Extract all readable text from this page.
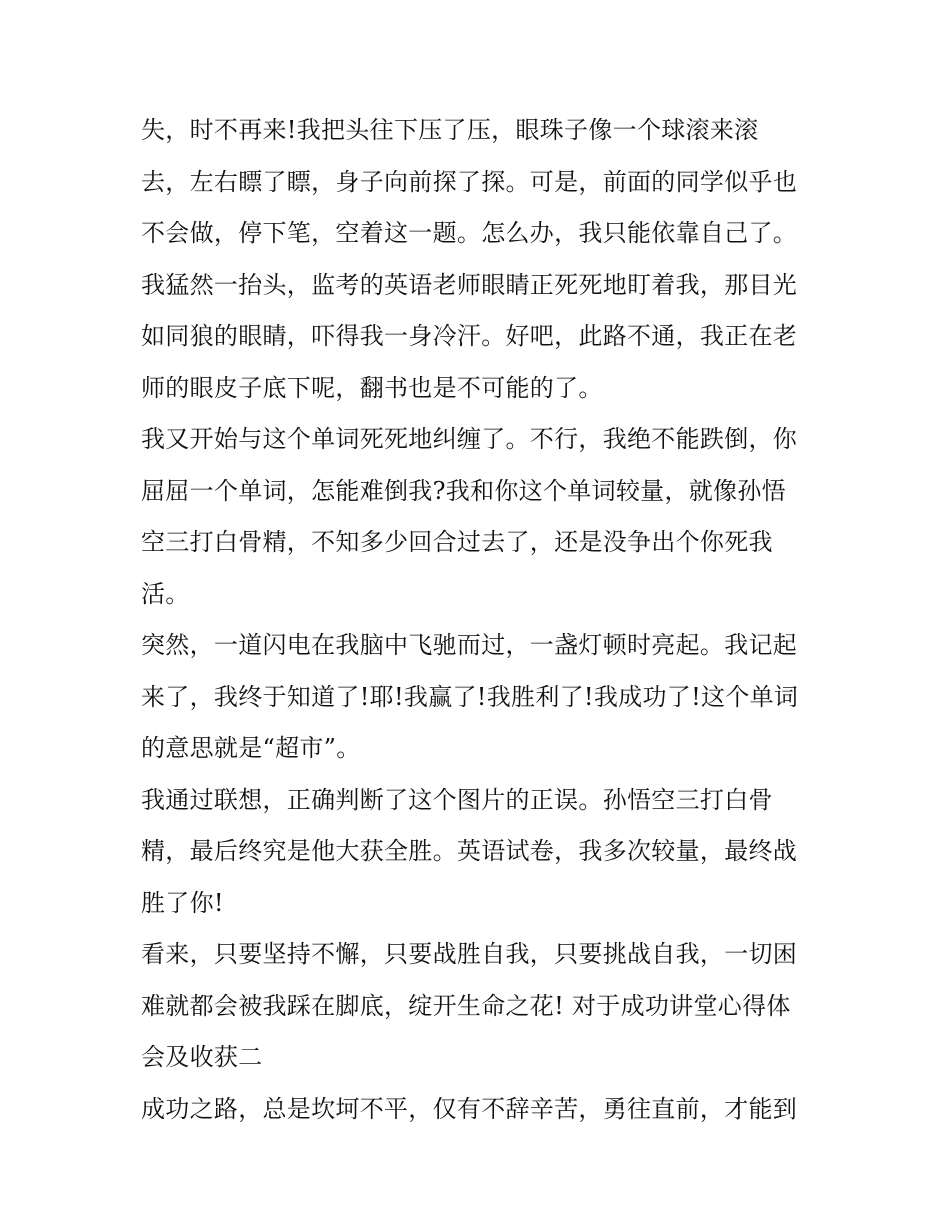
失，时不再来!我把头往下压了压，眼珠子像一个球滚来滚
去，左右瞟了瞟，身子向前探了探。可是，前面的同学似乎也
不会做，停下笔，空着这一题。怎么办，我只能依靠自己了。
我猛然一抬头，监考的英语老师眼睛正死死地盯着我，那目光
如同狼的眼睛，吓得我一身冷汗。好吧，此路不通，我正在老
师的眼皮子底下呢，翻书也是不可能的了。
我又开始与这个单词死死地纠缠了。不行，我绝不能跌倒，你
屈屈一个单词，怎能难倒我?我和你这个单词较量，就像孙悟
空三打白骨精，不知多少回合过去了，还是没争出个你死我
活。
突然，一道闪电在我脑中飞驰而过，一盏灯顿时亮起。我记起
来了，我终于知道了!耶!我赢了!我胜利了!我成功了!这个单词
的意思就是“超市”。
我通过联想，正确判断了这个图片的正误。孙悟空三打白骨
精，最后终究是他大获全胜。英语试卷，我多次较量，最终战
胜了你!
看来，只要坚持不懈，只要战胜自我，只要挑战自我，一切困
难就都会被我踩在脚底，绽开生命之花! 对于成功讲堂心得体
会及收获二
成功之路，总是坎坷不平，仅有不辞辛苦，勇往直前，才能到
